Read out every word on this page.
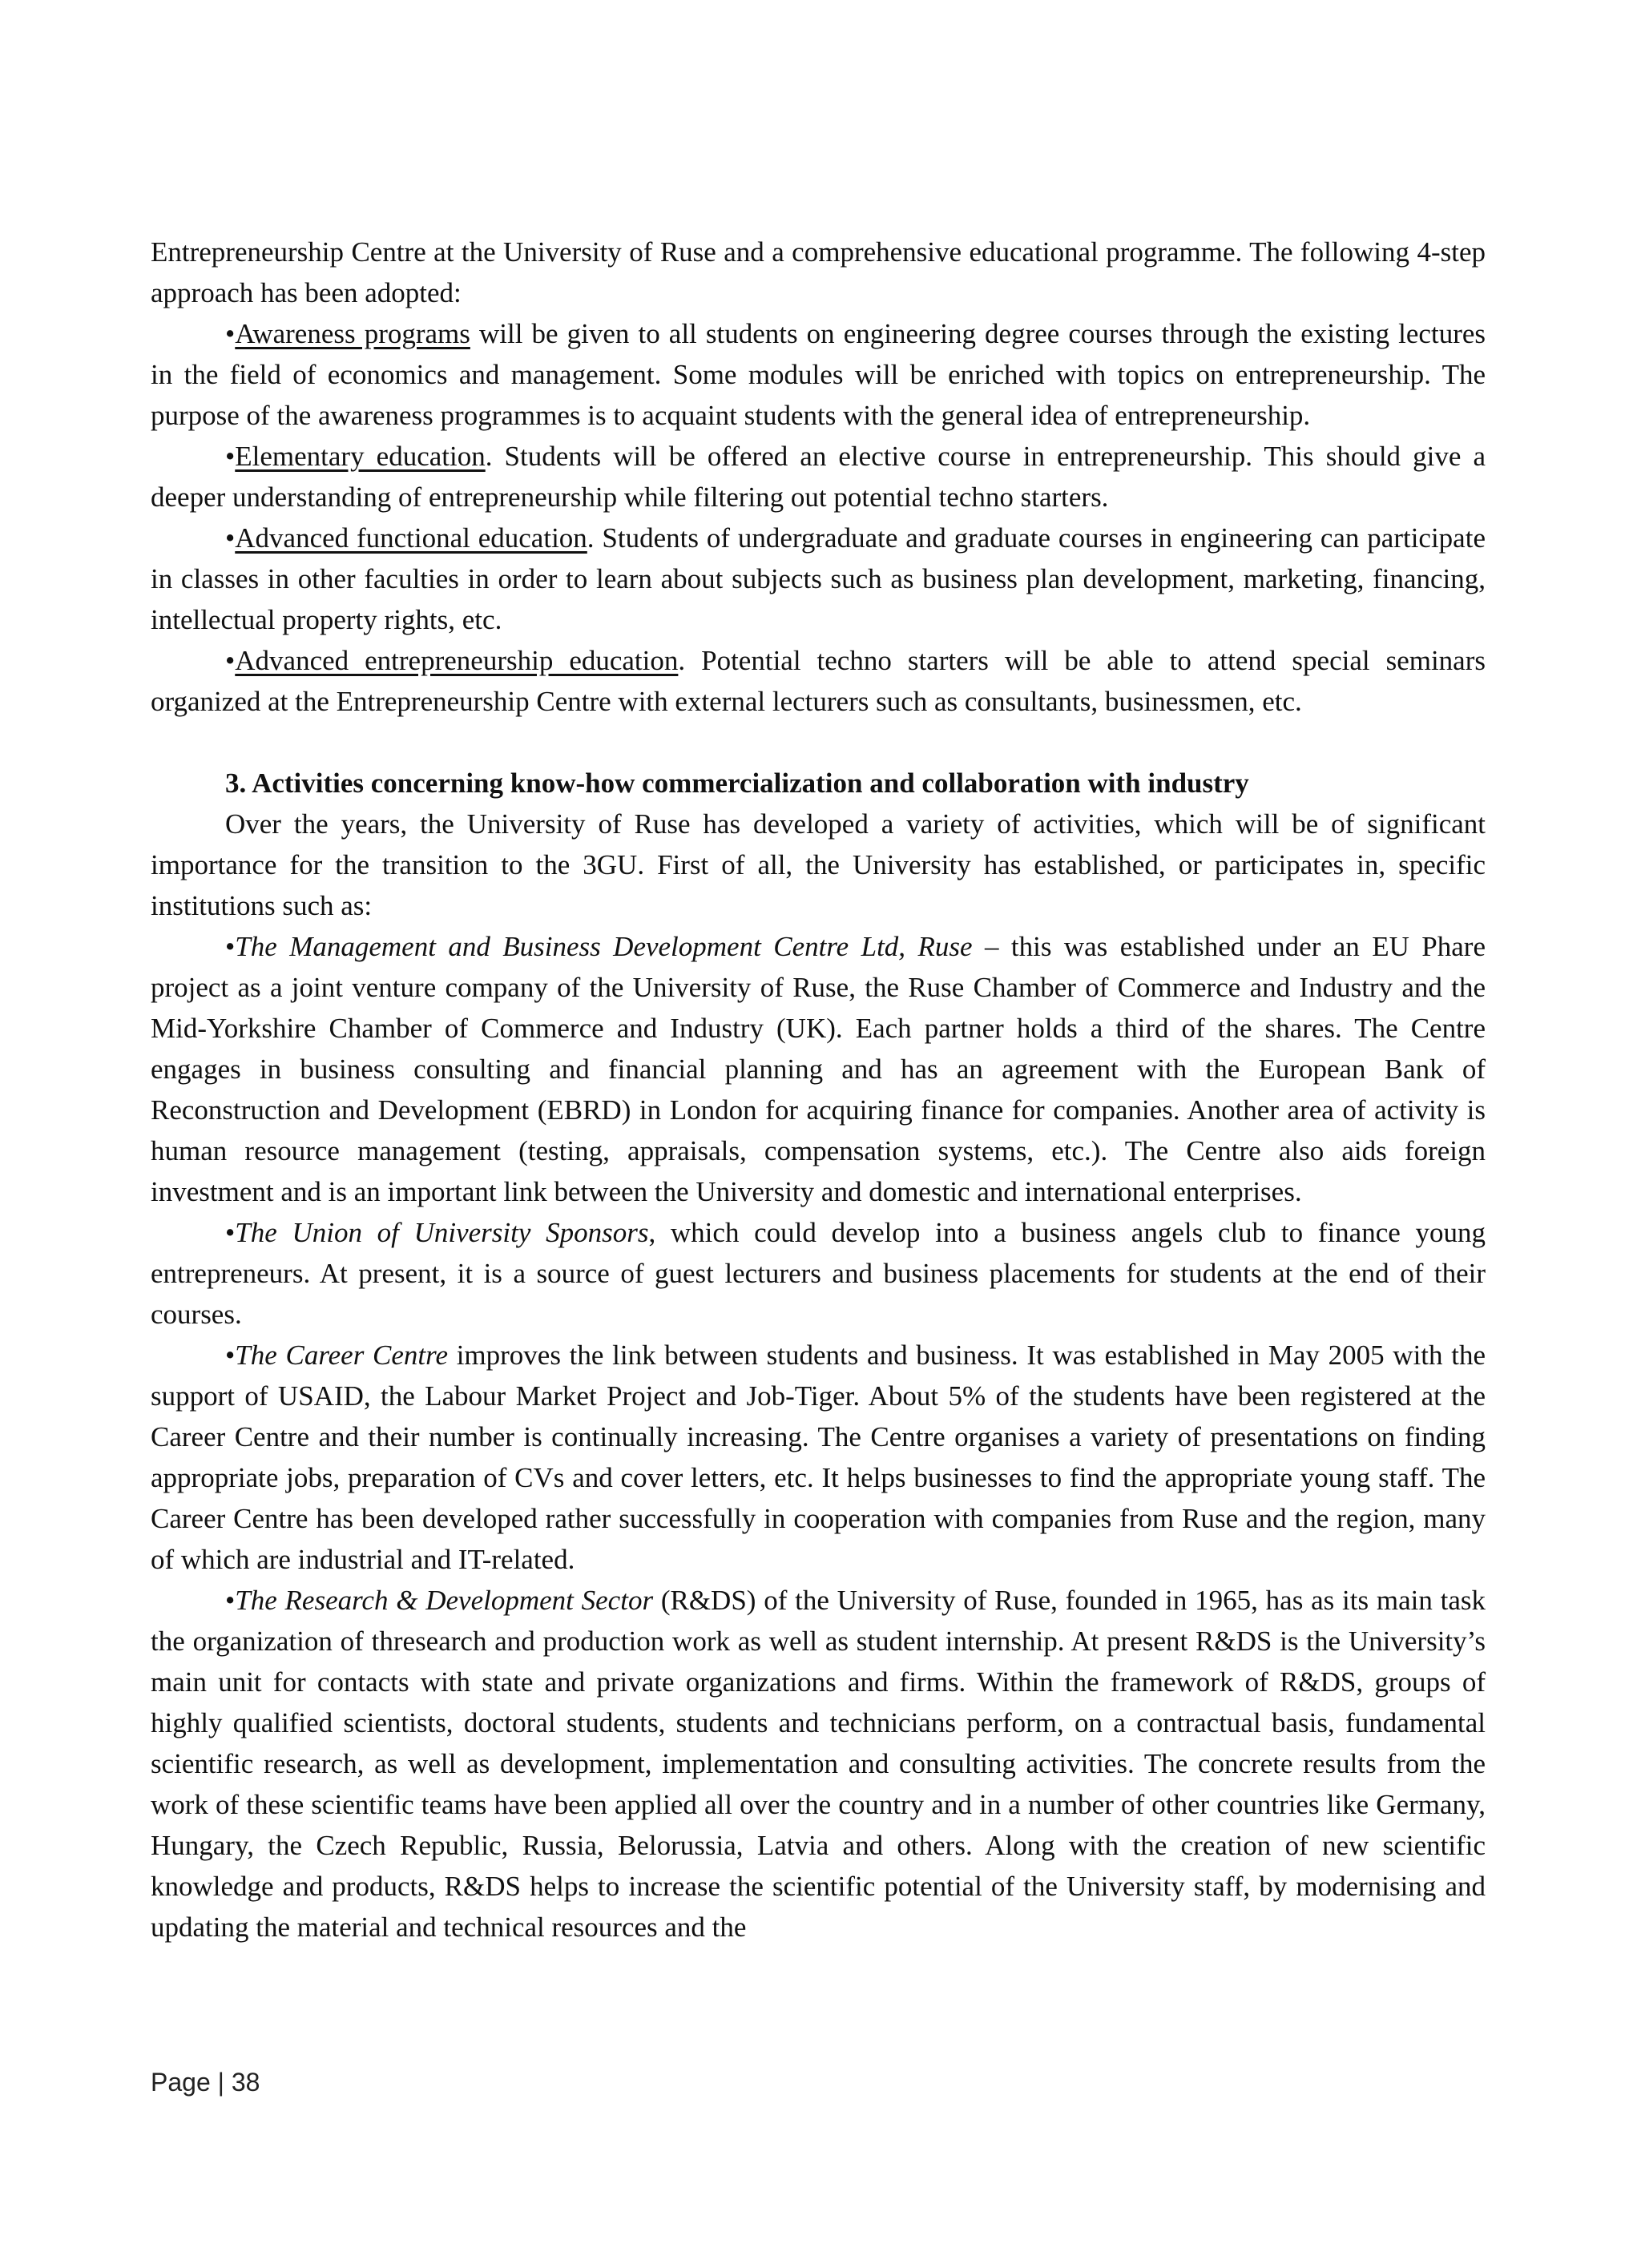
Entrepreneurship Centre at the University of Ruse and a comprehensive educational programme. The following 4-step approach has been adopted:

•Awareness programs will be given to all students on engineering degree courses through the existing lectures in the field of economics and management. Some modules will be enriched with topics on entrepreneurship. The purpose of the awareness programmes is to acquaint students with the general idea of entrepreneurship.

•Elementary education. Students will be offered an elective course in entrepreneurship. This should give a deeper understanding of entrepreneurship while filtering out potential techno starters.

•Advanced functional education. Students of undergraduate and graduate courses in engineering can participate in classes in other faculties in order to learn about subjects such as business plan development, marketing, financing, intellectual property rights, etc.

•Advanced entrepreneurship education. Potential techno starters will be able to attend special seminars organized at the Entrepreneurship Centre with external lecturers such as consultants, businessmen, etc.

3. Activities concerning know-how commercialization and collaboration with industry

Over the years, the University of Ruse has developed a variety of activities, which will be of significant importance for the transition to the 3GU. First of all, the University has established, or participates in, specific institutions such as:

•The Management and Business Development Centre Ltd, Ruse – this was established under an EU Phare project as a joint venture company of the University of Ruse, the Ruse Chamber of Commerce and Industry and the Mid-Yorkshire Chamber of Commerce and Industry (UK). Each partner holds a third of the shares. The Centre engages in business consulting and financial planning and has an agreement with the European Bank of Reconstruction and Development (EBRD) in London for acquiring finance for companies. Another area of activity is human resource management (testing, appraisals, compensation systems, etc.). The Centre also aids foreign investment and is an important link between the University and domestic and international enterprises.

•The Union of University Sponsors, which could develop into a business angels club to finance young entrepreneurs. At present, it is a source of guest lecturers and business placements for students at the end of their courses.

•The Career Centre improves the link between students and business. It was established in May 2005 with the support of USAID, the Labour Market Project and Job-Tiger. About 5% of the students have been registered at the Career Centre and their number is continually increasing. The Centre organises a variety of presentations on finding appropriate jobs, preparation of CVs and cover letters, etc. It helps businesses to find the appropriate young staff. The Career Centre has been developed rather successfully in cooperation with companies from Ruse and the region, many of which are industrial and IT-related.

•The Research & Development Sector (R&DS) of the University of Ruse, founded in 1965, has as its main task the organization of thresearch and production work as well as student internship. At present R&DS is the University’s main unit for contacts with state and private organizations and firms. Within the framework of R&DS, groups of highly qualified scientists, doctoral students, students and technicians perform, on a contractual basis, fundamental scientific research, as well as development, implementation and consulting activities. The concrete results from the work of these scientific teams have been applied all over the country and in a number of other countries like Germany, Hungary, the Czech Republic, Russia, Belorussia, Latvia and others. Along with the creation of new scientific knowledge and products, R&DS helps to increase the scientific potential of the University staff, by modernising and updating the material and technical resources and the

Page | 38
